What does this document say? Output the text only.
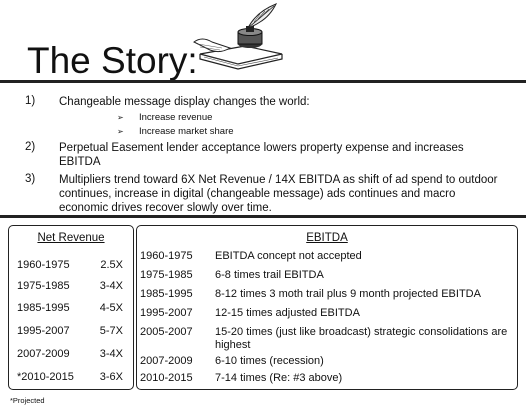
The Story:
1) Changeable message display changes the world:
➢ Increase revenue
➢ Increase market share
2) Perpetual Easement lender acceptance lowers property expense and increases EBITDA
3) Multipliers trend toward 6X Net Revenue / 14X EBITDA as shift of ad spend to outdoor continues, increase in digital (changeable message) ads continues and macro economic drives recover slowly over time.
Net Revenue
1960-1975	2.5X
1975-1985	3-4X
1985-1995	4-5X
1995-2007	5-7X
2007-2009	3-4X
*2010-2015 3-6X
EBITDA
1960-1975 EBITDA concept not accepted
1975-1985 6-8 times trail EBITDA
1985-1995 8-12 times 3 moth trail plus 9 month projected EBITDA
1995-2007 12-15 times adjusted EBITDA
2005-2007 15-20 times (just like broadcast) strategic consolidations are highest
2007-2009 6-10 times (recession)
2010-2015 7-14 times (Re: #3 above)
*Projected
